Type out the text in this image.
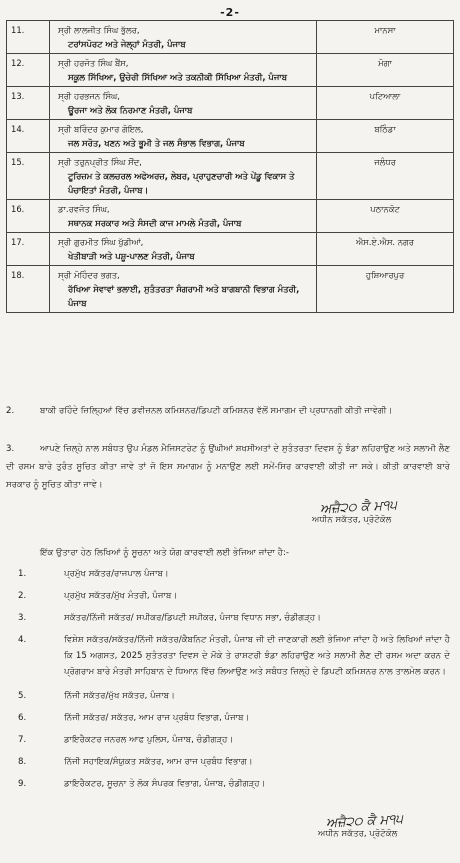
-2-
11.	ਸ੍ਰੀ ਲਾਲਜੀਤ ਸਿੰਘ ਭੁੱਲਰ,
ਟਰਾਂਸਪੋਰਟ ਅਤੇ ਜੇਲ੍ਹਾਂ ਮੰਤਰੀ, ਪੰਜਾਬ	ਮਾਨਸਾ
12.	ਸ੍ਰੀ ਹਰਜੋਤ ਸਿੰਘ ਬੈਂਸ,
ਸਕੂਲ ਸਿੱਖਿਆ, ਉਚੇਰੀ ਸਿੱਖਿਆ ਅਤੇ ਤਕਨੀਕੀ ਸਿੱਖਿਆ ਮੰਤਰੀ, ਪੰਜਾਬ	ਮੋਗਾ
13.	ਸ੍ਰੀ ਹਰਭਜਨ ਸਿੰਘ,
ਊਰਜਾ ਅਤੇ ਲੋਕ ਨਿਰਮਾਣ ਮੰਤਰੀ, ਪੰਜਾਬ	ਪਟਿਆਲਾ
14.	ਸ੍ਰੀ ਬਰਿੰਦਰ ਕੁਮਾਰ ਗੋਇਲ,
ਜਲ ਸਰੋਤ, ਖਣਨ ਅਤੇ ਭੂਮੀ ਤੇ ਜਲ ਸੰਭਾਲ ਵਿਭਾਗ, ਪੰਜਾਬ	ਬਠਿੰਡਾ
15.	ਸ੍ਰੀ ਤਰੁਨਪ੍ਰੀਤ ਸਿੰਘ ਸੌਂਦ,
ਟੂਰਿਜ਼ਮ ਤੇ ਕਲਚਰਲ ਅਫੇਅਰਜ਼, ਲੇਬਰ, ਪ੍ਰਾਹੁਣਚਾਰੀ ਅਤੇ ਪੇਂਡੂ ਵਿਕਾਸ ਤੇ ਪੰਚਾਇਤਾਂ ਮੰਤਰੀ, ਪੰਜਾਬ।	ਜਲੰਧਰ
16.	ਡਾ.ਰਵਜੋਤ ਸਿੰਘ,
ਸਥਾਨਕ ਸਰਕਾਰ ਅਤੇ ਸੰਸਦੀ ਕਾਜ ਮਾਮਲੇ ਮੰਤਰੀ, ਪੰਜਾਬ	ਪਠਾਨਕੋਟ
17.	ਸ੍ਰੀ ਗੁਰਮੀਤ ਸਿੰਘ ਖੁੱਡੀਆਂ,
ਖੇਤੀਬਾੜੀ ਅਤੇ ਪਸ਼ੂ-ਪਾਲਣ ਮੰਤਰੀ, ਪੰਜਾਬ	ਐਸ.ਏ.ਐਸ. ਨਗਰ
18.	ਸ੍ਰੀ ਮੋਹਿੰਦਰ ਭਗਤ,
ਰੱਖਿਆ ਸੇਵਾਵਾਂ ਭਲਾਈ, ਸੁਤੰਤਰਤਾ ਸੰਗਰਾਮੀ ਅਤੇ ਬਾਗਬਾਨੀ ਵਿਭਾਗ ਮੰਤਰੀ, ਪੰਜਾਬ	ਹੁਸ਼ਿਆਰਪੁਰ
2.	ਬਾਕੀ ਰਹਿੰਦੇ ਜ਼ਿਲ੍ਹਿਆਂ ਵਿੱਚ ਡਵੀਜ਼ਨਲ ਕਮਿਸ਼ਨਰ/ਡਿਪਟੀ ਕਮਿਸ਼ਨਰ ਵੱਲੋਂ ਸਮਾਗਮ ਦੀ ਪ੍ਰਧਾਨਗੀ ਕੀਤੀ ਜਾਵੇਗੀ।
3.	ਆਪਣੇ ਜ਼ਿਲ੍ਹੇ ਨਾਲ ਸਬੰਧਤ ਉਪ ਮੰਡਲ ਮੈਜਿਸਟਰੇਟ ਨੂੰ ਉਂਘੀਆਂ ਸ਼ਖਸੀਅਤਾਂ ਦੇ ਸੁਤੰਤਰਤਾ ਦਿਵਸ ਨੂੰ ਝੰਡਾ ਲਹਿਰਾਉਣ ਅਤੇ ਸਲਾਮੀ ਲੈਣ ਦੀ ਰਸਮ ਬਾਰੇ ਤੁਰੰਤ ਸੂਚਿਤ ਕੀਤਾ ਜਾਵੇ ਤਾਂ ਜੋ ਇਸ ਸਮਾਗਮ ਨੂੰ ਮਨਾਉਣ ਲਈ ਸਮੇਂ-ਸਿਰ ਕਾਰਵਾਈ ਕੀਤੀ ਜਾ ਸਕੇ। ਕੀਤੀ ਕਾਰਵਾਈ ਬਾਰੇ ਸਰਕਾਰ ਨੂੰ ਸੂਚਿਤ ਕੀਤਾ ਜਾਵੇ।
ਅਜ਼ੈ੨੦ ਕੈ ਮ੧੫
ਅਧੀਨ ਸਕੱਤਰ, ਪ੍ਰੋਟੋਕੋਲ
ਇੱਕ ਉਤਾਰਾ ਹੇਠ ਲਿਖਿਆਂ ਨੂੰ ਸੂਚਨਾ ਅਤੇ ਯੋਗ ਕਾਰਵਾਈ ਲਈ ਭੇਜਿਆ ਜਾਂਦਾ ਹੈ:-
1.	ਪ੍ਰਮੁੱਖ ਸਕੱਤਰ/ਰਾਜਪਾਲ ਪੰਜਾਬ।
2.	ਪ੍ਰਮੁੱਖ ਸਕੱਤਰ/ਮੁੱਖ ਮੰਤਰੀ, ਪੰਜਾਬ।
3.	ਸਕੱਤਰ/ਨਿੱਜੀ ਸਕੱਤਰ/ ਸਪੀਕਰ/ਡਿਪਟੀ ਸਪੀਕਰ, ਪੰਜਾਬ ਵਿਧਾਨ ਸਭਾ, ਚੰਡੀਗੜ੍ਹ।
4.	ਵਿਸ਼ੇਸ਼ ਸਕੱਤਰ/ਸਕੱਤਰ/ਨਿੱਜੀ ਸਕੱਤਰ/ਕੈਬਨਿਟ ਮੰਤਰੀ, ਪੰਜਾਬ ਜੀ ਦੀ ਜਾਣਕਾਰੀ ਲਈ ਭੇਜਿਆ ਜਾਂਦਾ ਹੈ ਅਤੇ ਲਿਖਿਆਂ ਜਾਂਦਾ ਹੈ ਕਿ 15 ਅਗਸਤ, 2025 ਸੁਤੰਤਰਤਾ ਦਿਵਸ ਦੇ ਮੌਕੇ ਤੇ ਰਾਸ਼ਟਰੀ ਝੰਡਾ ਲਹਿਰਾਉਣ ਅਤੇ ਸਲਾਮੀ ਲੈਣ ਦੀ ਰਸਮ ਅਦਾ ਕਰਨ ਦੇ ਪ੍ਰੋਗਰਾਮ ਬਾਰੇ ਮੰਤਰੀ ਸਾਹਿਬਾਨ ਦੇ ਧਿਆਨ ਵਿੱਚ ਲਿਆਉਣ ਅਤੇ ਸਬੰਧਤ ਜ਼ਿਲ੍ਹੇ ਦੇ ਡਿਪਟੀ ਕਮਿਸ਼ਨਰ ਨਾਲ ਤਾਲਮੇਲ ਕਰਨ।
5.	ਨਿੱਜੀ ਸਕੱਤਰ/ਮੁੱਖ ਸਕੱਤਰ, ਪੰਜਾਬ।
6.	ਨਿੱਜੀ ਸਕੱਤਰ/ ਸਕੱਤਰ, ਆਮ ਰਾਜ ਪ੍ਰਬੰਧ ਵਿਭਾਗ, ਪੰਜਾਬ।
7.	ਡਾਇਰੈਕਟਰ ਜਨਰਲ ਆਫ ਪੁਲਿਸ, ਪੰਜਾਬ, ਚੰਡੀਗੜ੍ਹ।
8.	ਨਿੱਜੀ ਸਹਾਇਕ/ਸੰਯੁਕਤ ਸਕੱਤਰ, ਆਮ ਰਾਜ ਪ੍ਰਬੰਧ ਵਿਭਾਗ।
9.	ਡਾਇਰੈਕਟਰ, ਸੂਚਨਾ ਤੇ ਲੋਕ ਸੰਪਰਕ ਵਿਭਾਗ, ਪੰਜਾਬ, ਚੰਡੀਗੜ੍ਹ।
ਅਜ਼ੈ੨੦ ਕੈ ਮ੧੫
ਅਧੀਨ ਸਕੱਤਰ, ਪ੍ਰੋਟੋਕੋਲ
